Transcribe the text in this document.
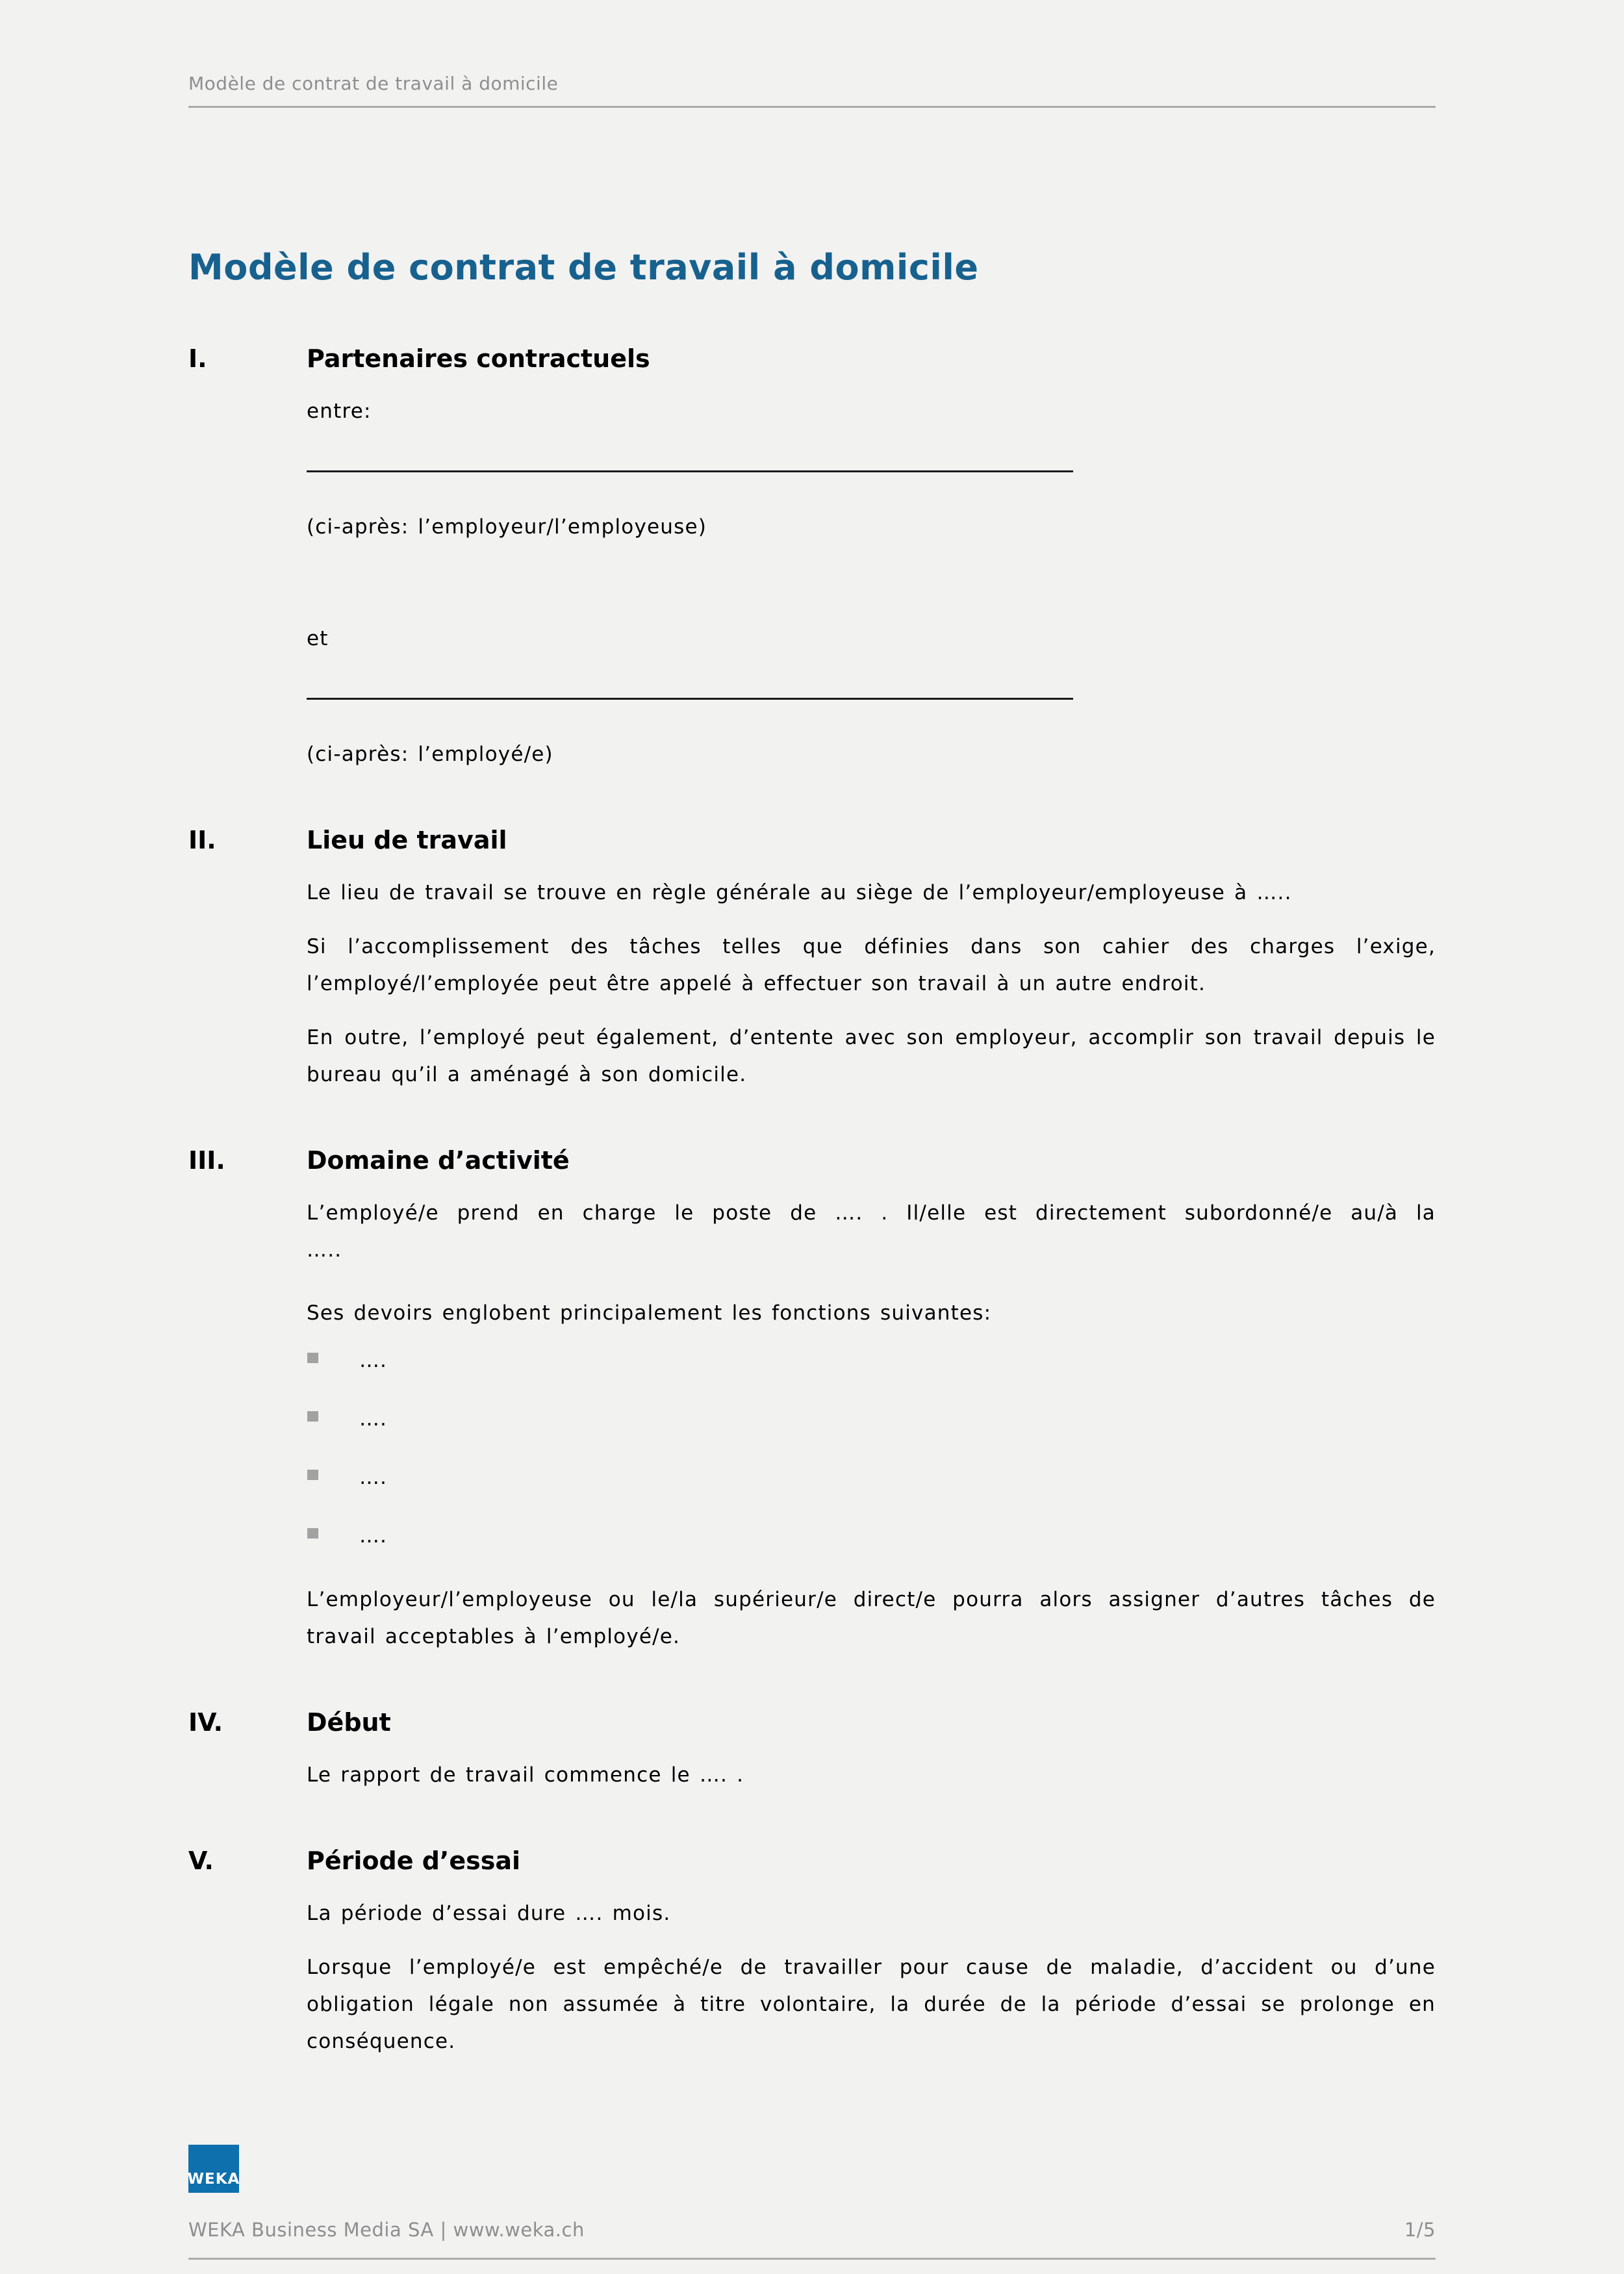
Modèle de contrat de travail à domicile
Modèle de contrat de travail à domicile
I.	Partenaires contractuels

entre:

(ci-après: l’employeur/l’employeuse)

et

(ci-après: l’employé/e)

II.	Lieu de travail

Le lieu de travail se trouve en règle générale au siège de l’employeur/employeuse à …..

Si l’accomplissement des tâches telles que définies dans son cahier des charges l’exige, l’employé/l’employée peut être appelé à effectuer son travail à un autre endroit.

En outre, l’employé peut également, d’entente avec son employeur, accomplir son travail depuis le bureau qu’il a aménagé à son domicile.

III.	Domaine d’activité

L’employé/e prend en charge le poste de …. . Il/elle est directement subordonné/e au/à la

…..

Ses devoirs englobent principalement les fonctions suivantes:

….
….
….
….

L’employeur/l’employeuse ou le/la supérieur/e direct/e pourra alors assigner d’autres tâches de travail acceptables à l’employé/e.

IV.	Début

Le rapport de travail commence le …. .

V.	Période d’essai

La période d’essai dure …. mois.

Lorsque l’employé/e est empêché/e de travailler pour cause de maladie, d’accident ou d’une obligation légale non assumée à titre volontaire, la durée de la période d’essai se prolonge en conséquence.

WEKA
WEKA Business Media SA | www.weka.ch	1/5
